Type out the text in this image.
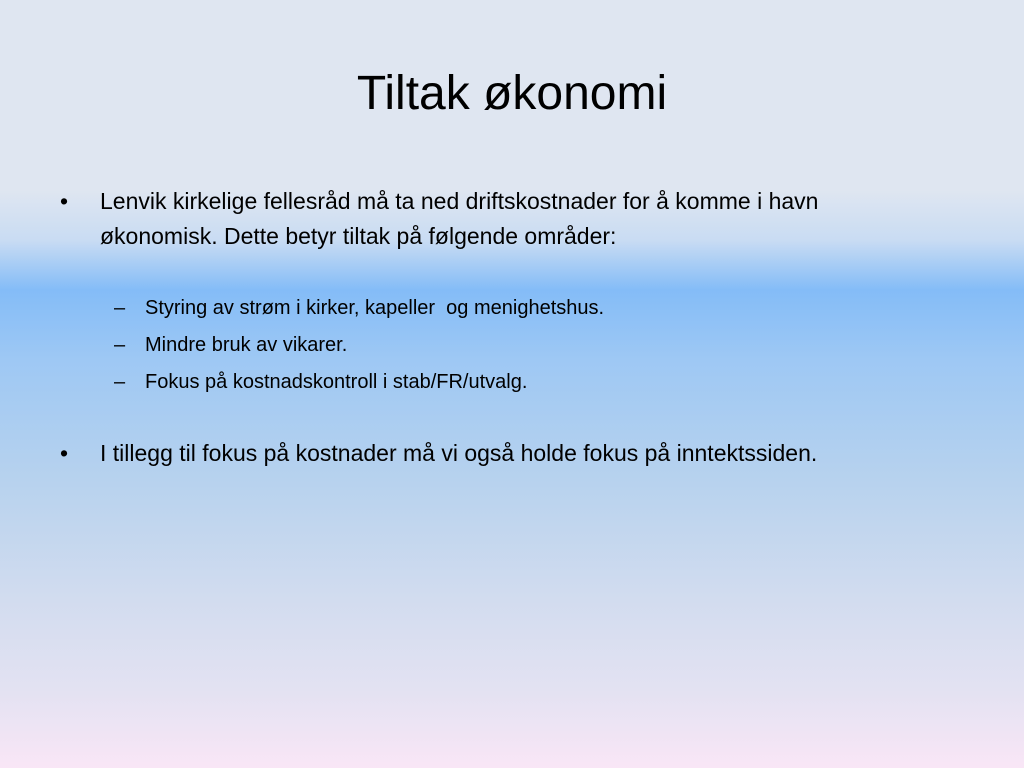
Tiltak økonomi
•	Lenvik kirkelige fellesråd må ta ned driftskostnader for å komme i havn
økonomisk. Dette betyr tiltak på følgende områder:
– Styring av strøm i kirker, kapeller  og menighetshus.
– Mindre bruk av vikarer.
– Fokus på kostnadskontroll i stab/FR/utvalg.
•	I tillegg til fokus på kostnader må vi også holde fokus på inntektssiden.
